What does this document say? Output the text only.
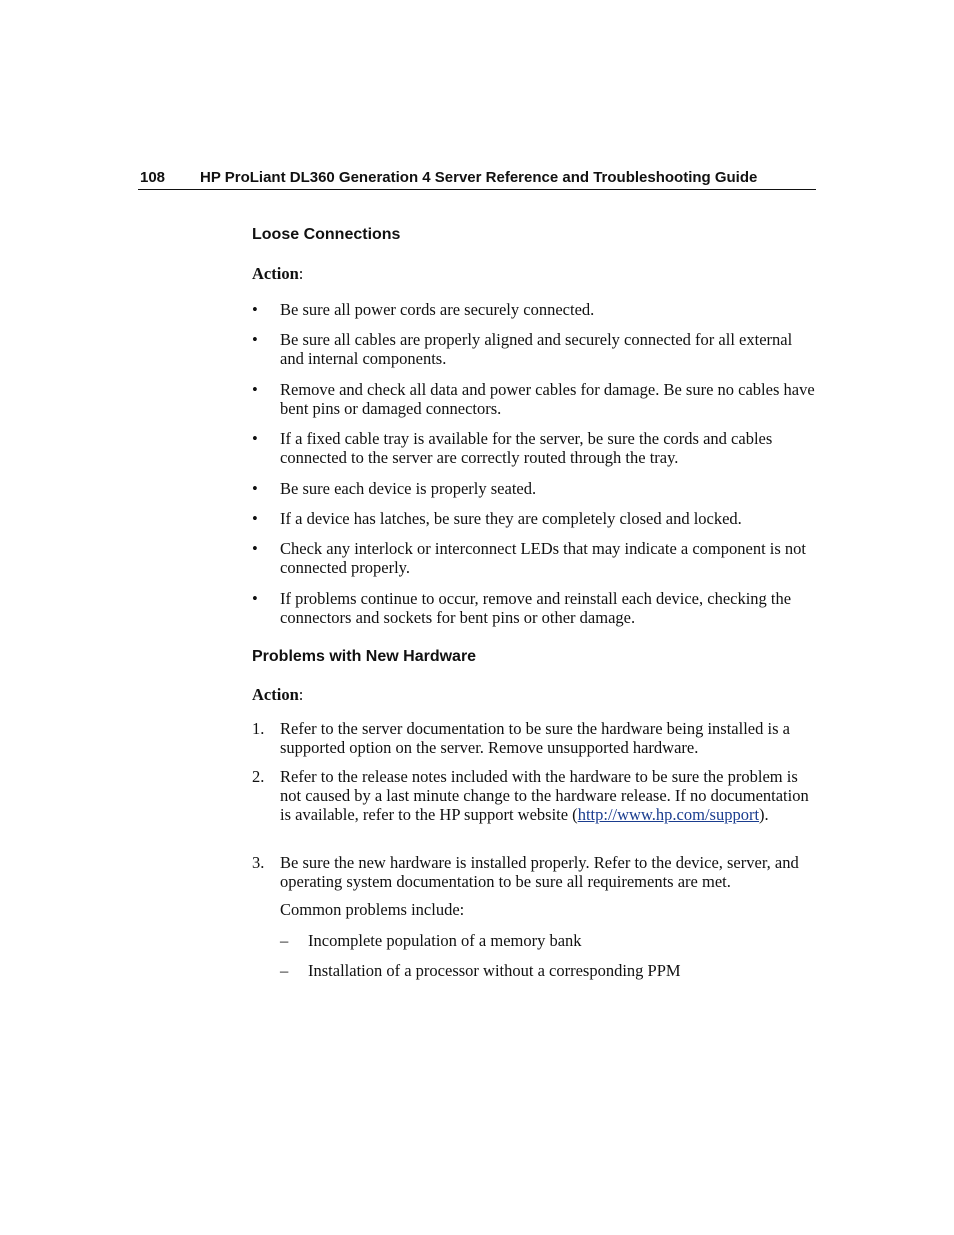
108 HP ProLiant DL360 Generation 4 Server Reference and Troubleshooting Guide
Loose Connections
Action:
• Be sure all power cords are securely connected.
• Be sure all cables are properly aligned and securely connected for all external and internal components.
• Remove and check all data and power cables for damage. Be sure no cables have bent pins or damaged connectors.
• If a fixed cable tray is available for the server, be sure the cords and cables connected to the server are correctly routed through the tray.
• Be sure each device is properly seated.
• If a device has latches, be sure they are completely closed and locked.
• Check any interlock or interconnect LEDs that may indicate a component is not connected properly.
• If problems continue to occur, remove and reinstall each device, checking the connectors and sockets for bent pins or other damage.
Problems with New Hardware
Action:
1. Refer to the server documentation to be sure the hardware being installed is a supported option on the server. Remove unsupported hardware.
2. Refer to the release notes included with the hardware to be sure the problem is not caused by a last minute change to the hardware release. If no documentation is available, refer to the HP support website (http://www.hp.com/support).
3. Be sure the new hardware is installed properly. Refer to the device, server, and operating system documentation to be sure all requirements are met.
Common problems include:
– Incomplete population of a memory bank
– Installation of a processor without a corresponding PPM
